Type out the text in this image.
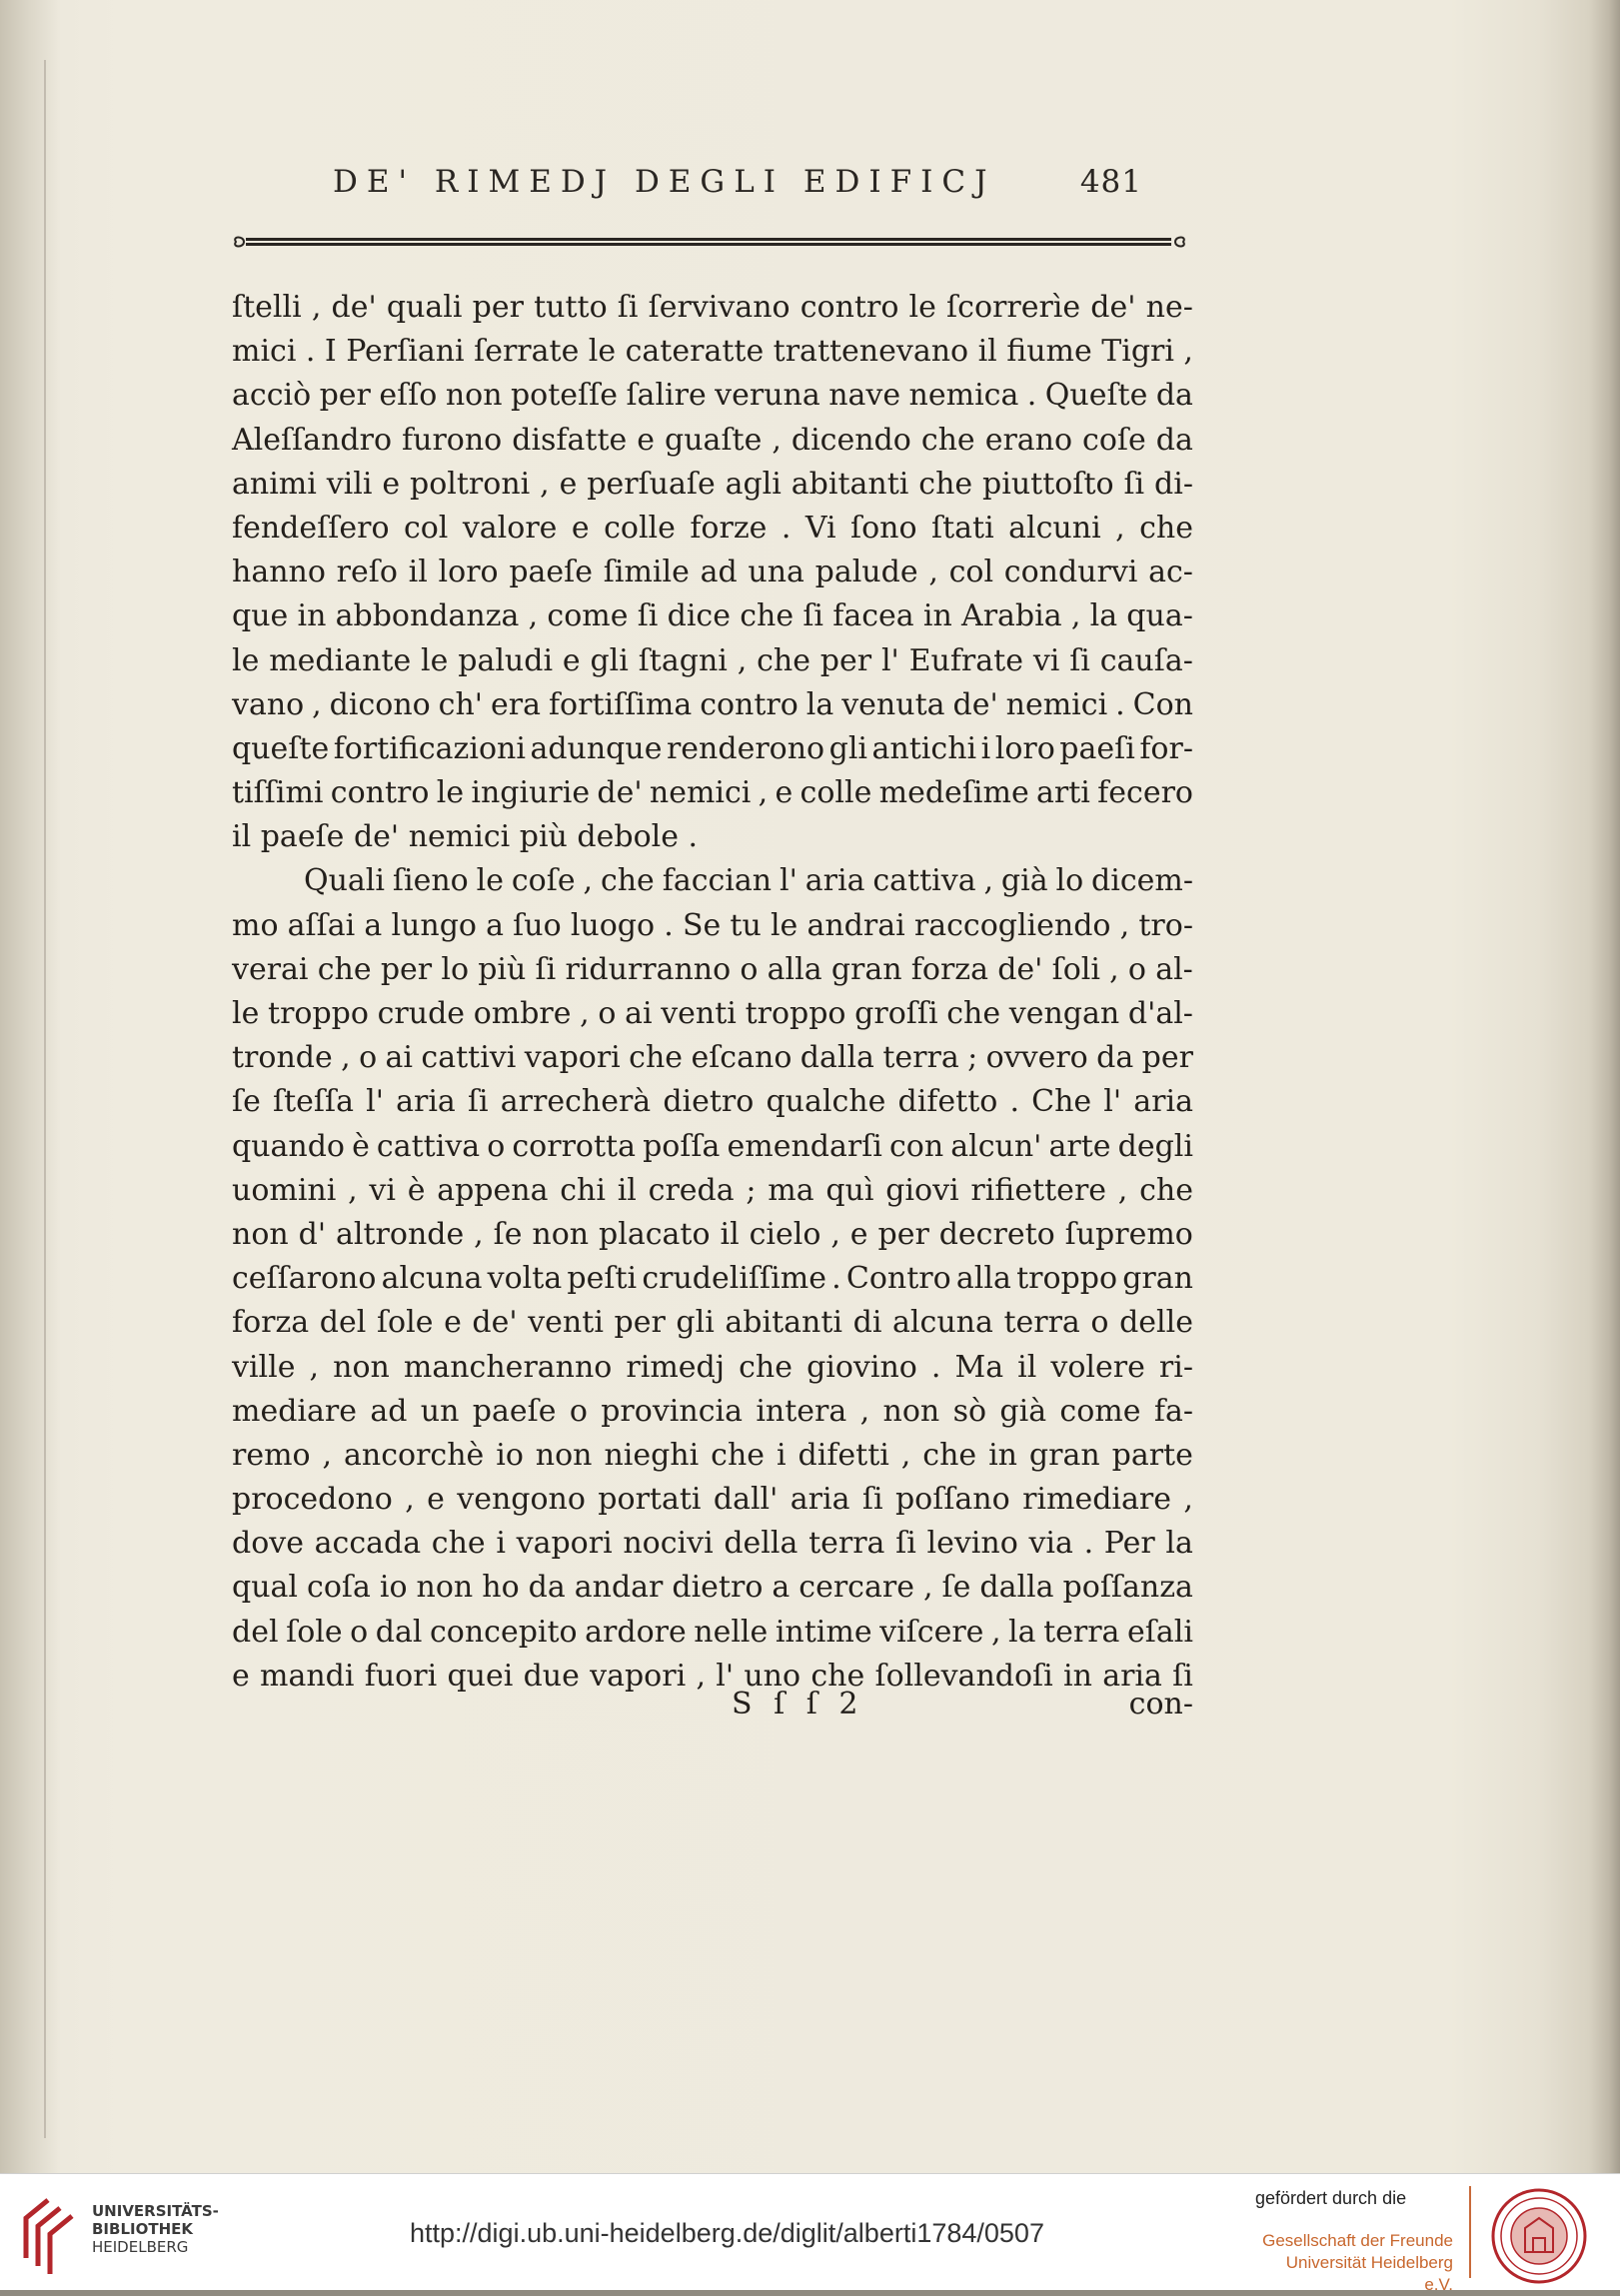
DE' RIMEDJ DEGLI EDIFICJ	481
ſtelli , de' quali per tutto ſi ſervivano contro le ſcorrerìe de' ne-
mici . I Perſiani ſerrate le cateratte trattenevano il fiume Tigri ,
acciò per eſſo non poteſſe ſalire veruna nave nemica . Queſte da
Aleſſandro furono disfatte e guaſte , dicendo che erano coſe da
animi vili e poltroni , e perſuaſe agli abitanti che piuttoſto ſi di-
fendeſſero col valore e colle forze . Vi ſono ſtati alcuni , che
hanno reſo il loro paeſe ſimile ad una palude , col condurvi ac-
que in abbondanza , come ſi dice che ſi facea in Arabia , la qua-
le mediante le paludi e gli ſtagni , che per l' Eufrate vi ſi cauſa-
vano , dicono ch' era fortiſſima contro la venuta de' nemici . Con
queſte fortificazioni adunque renderono gli antichi i loro paeſi for-
tiſſimi contro le ingiurie de' nemici , e colle medeſime arti fecero
il paeſe de' nemici più debole .
Quali ſieno le coſe , che faccian l' aria cattiva , già lo dicem-
mo aſſai a lungo a ſuo luogo . Se tu le andrai raccogliendo , tro-
verai che per lo più ſi ridurranno o alla gran forza de' ſoli , o al-
le troppo crude ombre , o ai venti troppo groſſi che vengan d'al-
tronde , o ai cattivi vapori che eſcano dalla terra ; ovvero da per
ſe ſteſſa l' aria ſi arrecherà dietro qualche difetto . Che l' aria
quando è cattiva o corrotta poſſa emendarſi con alcun' arte degli
uomini , vi è appena chi il creda ; ma quì giovi rifiettere , che
non d' altronde , ſe non placato il cielo , e per decreto ſupremo
ceſſarono alcuna volta peſti crudeliſſime . Contro alla troppo gran
forza del ſole e de' venti per gli abitanti di alcuna terra o delle
ville , non mancheranno rimedj che giovino . Ma il volere ri-
mediare ad un paeſe o provincia intera , non sò già come fa-
remo , ancorchè io non nieghi che i difetti , che in gran parte
procedono , e vengono portati dall' aria ſi poſſano rimediare ,
dove accada che i vapori nocivi della terra ſi levino via . Per la
qual coſa io non ho da andar dietro a cercare , ſe dalla poſſanza
del ſole o dal concepito ardore nelle intime viſcere , la terra eſali
e mandi fuori quei due vapori , l' uno che ſollevandoſi in aria ſi
S ſ ſ 2	con-
UNIVERSITÄTS-
BIBLIOTHEK
HEIDELBERG	http://digi.ub.uni-heidelberg.de/diglit/alberti1784/0507
gefördert durch die
Gesellschaft der Freunde
Universität Heidelberg e.V.
